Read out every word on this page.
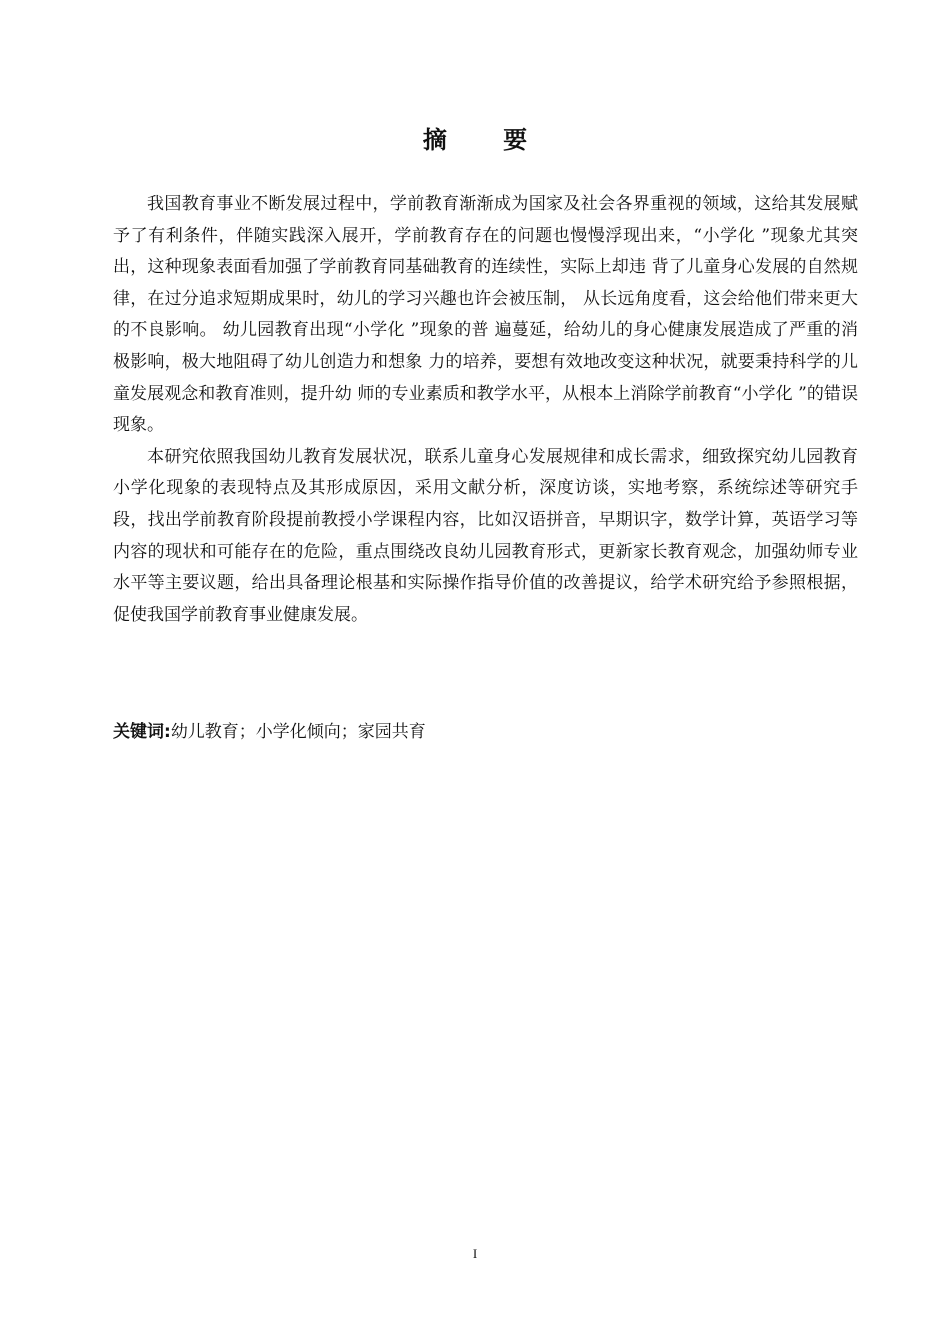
摘 要

我国教育事业不断发展过程中，学前教育渐渐成为国家及社会各界重视的领域，这给其发展赋予了有利条件，伴随实践深入展开，学前教育存在的问题也慢慢浮现出来，“小学化 ”现象尤其突出，这种现象表面看加强了学前教育同基础教育的连续性，实际上却违 背了儿童身心发展的自然规律，在过分追求短期成果时，幼儿的学习兴趣也许会被压制， 从长远角度看，这会给他们带来更大的不良影响。 幼儿园教育出现“小学化 ”现象的普 遍蔓延，给幼儿的身心健康发展造成了严重的消极影响，极大地阻碍了幼儿创造力和想象 力的培养，要想有效地改变这种状况，就要秉持科学的儿童发展观念和教育准则，提升幼 师的专业素质和教学水平，从根本上消除学前教育“小学化 ”的错误现象。

本研究依照我国幼儿教育发展状况，联系儿童身心发展规律和成长需求，细致探究幼儿园教育小学化现象的表现特点及其形成原因，采用文献分析，深度访谈，实地考察，系统综述等研究手段，找出学前教育阶段提前教授小学课程内容，比如汉语拼音，早期识字，数学计算，英语学习等内容的现状和可能存在的危险，重点围绕改良幼儿园教育形式，更新家长教育观念，加强幼师专业水平等主要议题，给出具备理论根基和实际操作指导价值的改善提议，给学术研究给予参照根据，促使我国学前教育事业健康发展。

关键词:幼儿教育；小学化倾向；家园共育
I
